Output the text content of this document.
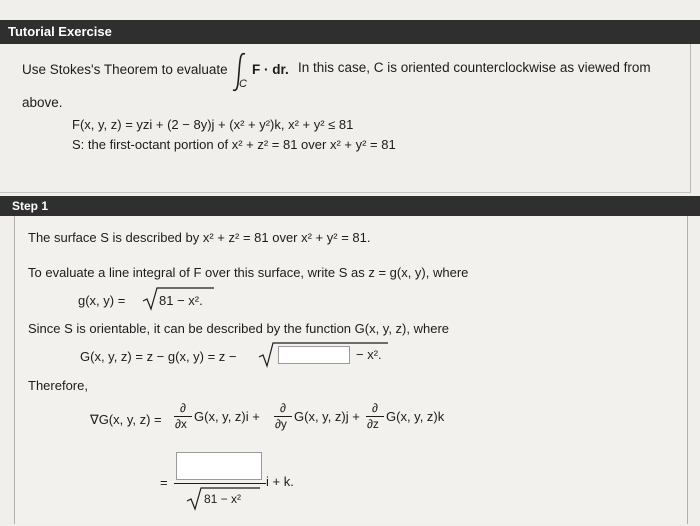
Tutorial Exercise
Use Stokes's Theorem to evaluate
C
F · dr. In this case, C is oriented counterclockwise as viewed from
above.
F(x, y, z) = yzi + (2 − 8y)j + (x² + y²)k, x² + y² ≤ 81
S: the first-octant portion of x² + z² = 81 over x² + y² = 81
Step 1
The surface S is described by x² + z² = 81 over x² + y² = 81.
To evaluate a line integral of F over this surface, write S as z = g(x, y), where
g(x, y) =	81 − x².
Since S is orientable, it can be described by the function G(x, y, z), where
G(x, y, z) = z − g(x, y) = z −	− x².
Therefore,
∇G(x, y, z) =
∂
∂x G(x, y, z)i +
∂
∂y G(x, y, z)j +
∂
∂z G(x, y, z)k
=
81 − x²
i + k.
